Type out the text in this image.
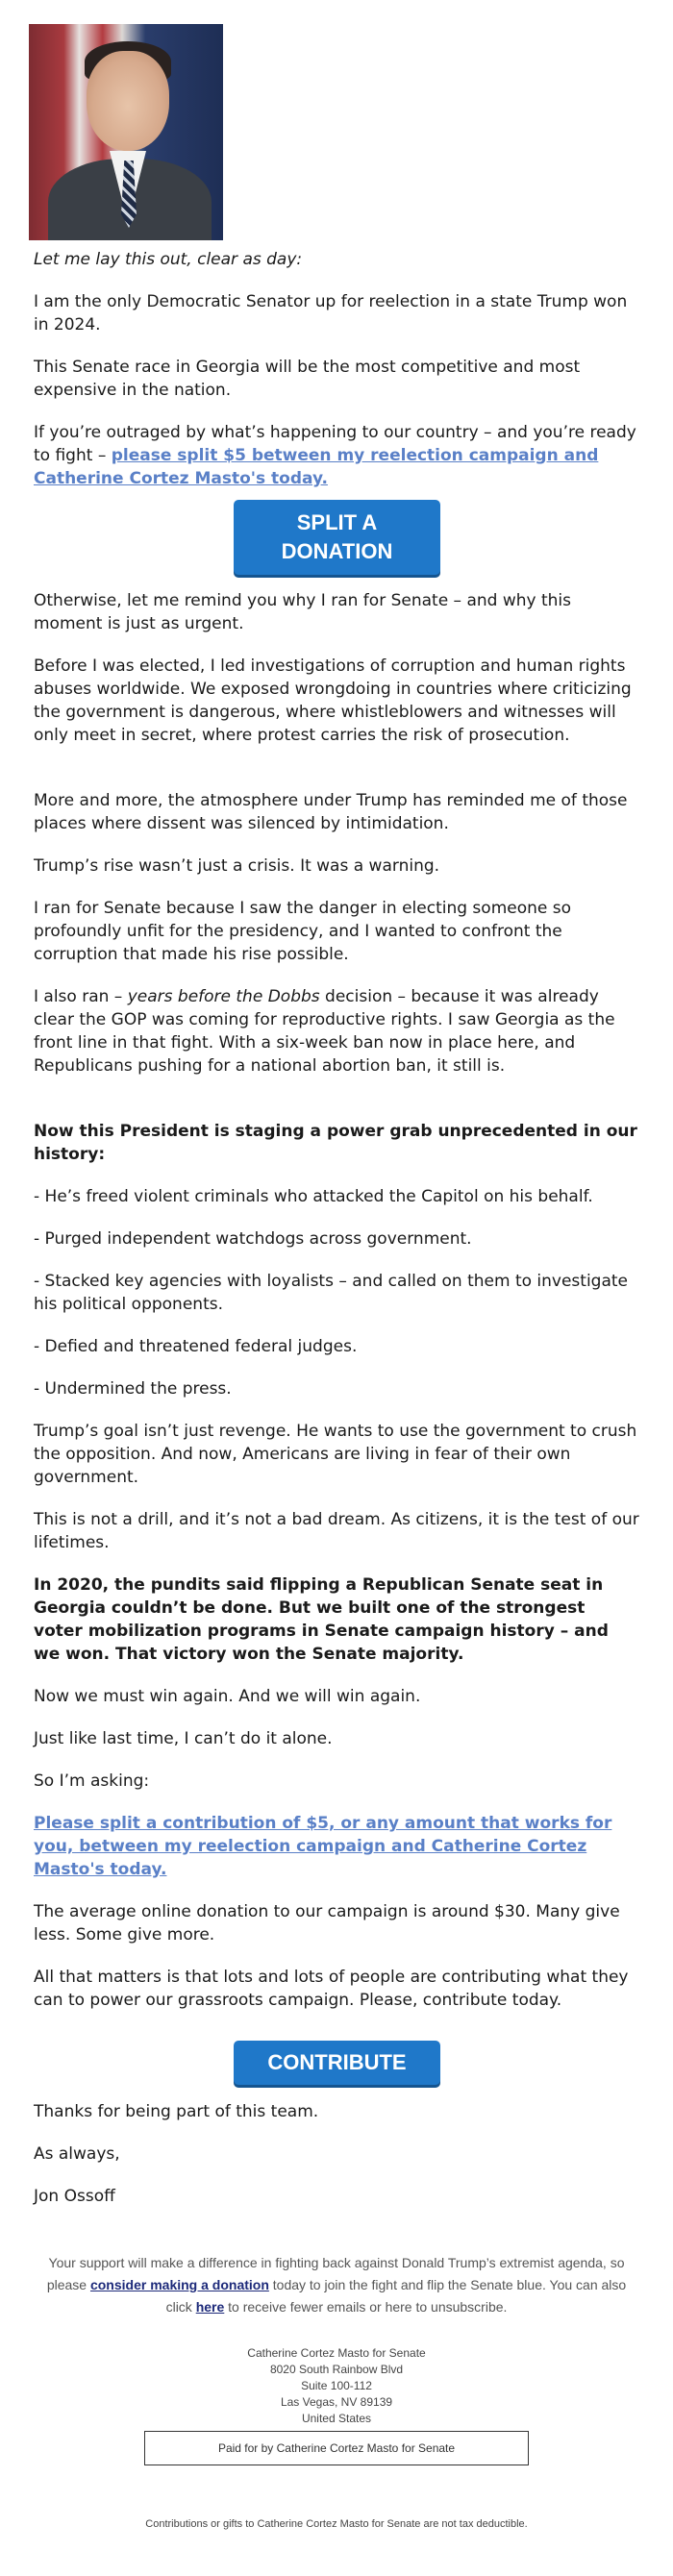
Let me lay this out, clear as day:

I am the only Democratic Senator up for reelection in a state Trump won in 2024.

This Senate race in Georgia will be the most competitive and most expensive in the nation.

If you’re outraged by what’s happening to our country – and you’re ready to fight – please split $5 between my reelection campaign and Catherine Cortez Masto's today.

SPLIT A
DONATION

Otherwise, let me remind you why I ran for Senate – and why this moment is just as urgent.

Before I was elected, I led investigations of corruption and human rights abuses worldwide. We exposed wrongdoing in countries where criticizing the government is dangerous, where whistleblowers and witnesses will only meet in secret, where protest carries the risk of prosecution.

More and more, the atmosphere under Trump has reminded me of those places where dissent was silenced by intimidation.

Trump’s rise wasn’t just a crisis. It was a warning.

I ran for Senate because I saw the danger in electing someone so profoundly unfit for the presidency, and I wanted to confront the corruption that made his rise possible.

I also ran – years before the Dobbs decision – because it was already clear the GOP was coming for reproductive rights. I saw Georgia as the front line in that fight. With a six-week ban now in place here, and Republicans pushing for a national abortion ban, it still is.

Now this President is staging a power grab unprecedented in our history:

- He’s freed violent criminals who attacked the Capitol on his behalf.

- Purged independent watchdogs across government.

- Stacked key agencies with loyalists – and called on them to investigate his political opponents.

- Defied and threatened federal judges.

- Undermined the press.

Trump’s goal isn’t just revenge. He wants to use the government to crush the opposition. And now, Americans are living in fear of their own government.

This is not a drill, and it’s not a bad dream. As citizens, it is the test of our lifetimes.

In 2020, the pundits said flipping a Republican Senate seat in Georgia couldn’t be done. But we built one of the strongest voter mobilization programs in Senate campaign history – and we won. That victory won the Senate majority.

Now we must win again. And we will win again.

Just like last time, I can’t do it alone.

So I’m asking:

Please split a contribution of $5, or any amount that works for you, between my reelection campaign and Catherine Cortez Masto's today.

The average online donation to our campaign is around $30. Many give less. Some give more.

All that matters is that lots and lots of people are contributing what they can to power our grassroots campaign. Please, contribute today.

CONTRIBUTE

Thanks for being part of this team.

As always,

Jon Ossoff

Your support will make a difference in fighting back against Donald Trump’s extremist agenda, so please consider making a donation today to join the fight and flip the Senate blue. You can also click here to receive fewer emails or here to unsubscribe.
Catherine Cortez Masto for Senate
8020 South Rainbow Blvd
Suite 100-112
Las Vegas, NV 89139
United States
Paid for by Catherine Cortez Masto for Senate
Contributions or gifts to Catherine Cortez Masto for Senate are not tax deductible.
